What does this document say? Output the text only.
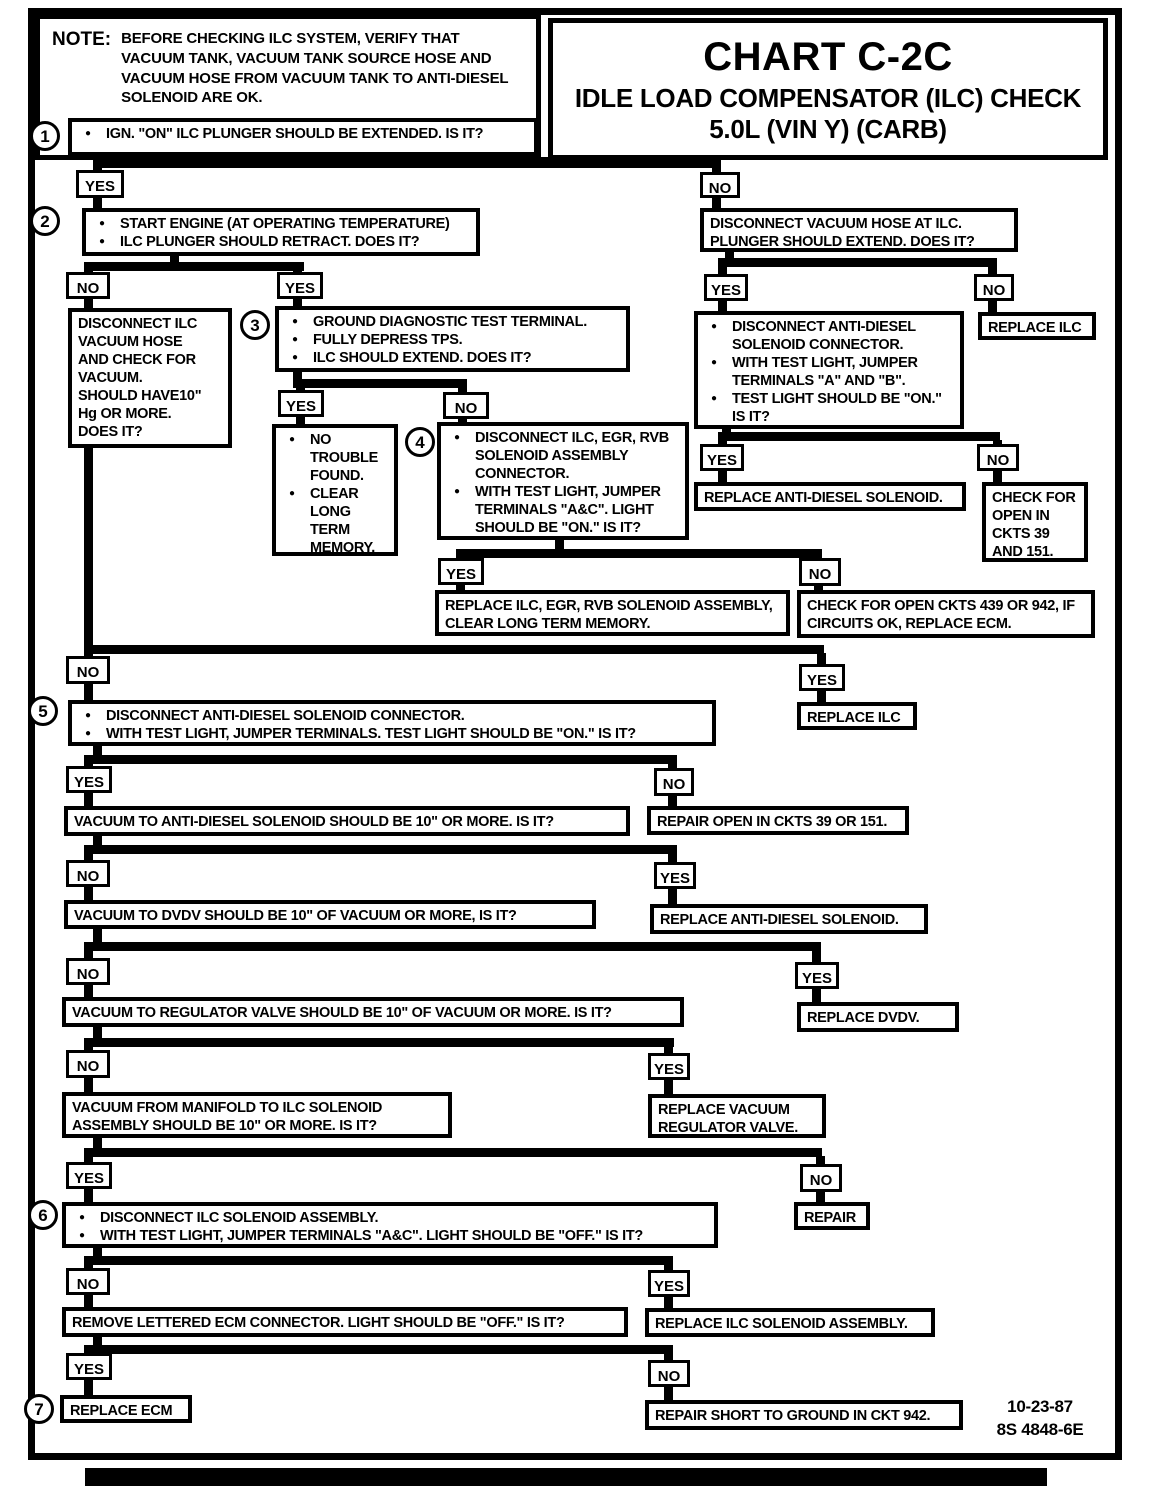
NOTE: BEFORE CHECKING ILC SYSTEM, VERIFY THAT VACUUM TANK, VACUUM TANK SOURCE HOSE AND VACUUM HOSE FROM VACUUM TANK TO ANTI-DIESEL SOLENOID ARE OK.
CHART C-2C
IDLE LOAD COMPENSATOR (ILC) CHECK
5.0L (VIN Y) (CARB)
1
2
3
4
5
6
7
● IGN. "ON" ILC PLUNGER SHOULD BE EXTENDED. IS IT?
YES	NO
● START ENGINE (AT OPERATING TEMPERATURE)
● ILC PLUNGER SHOULD RETRACT. DOES IT?
DISCONNECT VACUUM HOSE AT ILC.
PLUNGER SHOULD EXTEND. DOES IT?
NO	YES	YES	NO
DISCONNECT ILC
VACUUM HOSE
AND CHECK FOR
VACUUM.
SHOULD HAVE10"
Hg OR MORE.
DOES IT?
● GROUND DIAGNOSTIC TEST TERMINAL.
● FULLY DEPRESS TPS.
● ILC SHOULD EXTEND. DOES IT?
● DISCONNECT ANTI-DIESEL SOLENOID CONNECTOR.
● WITH TEST LIGHT, JUMPER TERMINALS "A" AND "B".
● TEST LIGHT SHOULD BE "ON." IS IT?
REPLACE ILC
YES	NO
● NO TROUBLE FOUND.
● CLEAR LONG TERM MEMORY.
● DISCONNECT ILC, EGR, RVB SOLENOID ASSEMBLY CONNECTOR.
● WITH TEST LIGHT, JUMPER TERMINALS "A&C". LIGHT SHOULD BE "ON." IS IT?
YES	NO
REPLACE ANTI-DIESEL SOLENOID.	CHECK FOR
OPEN IN
CKTS 39
AND 151.
YES	NO
REPLACE ILC, EGR, RVB SOLENOID ASSEMBLY, CLEAR LONG TERM MEMORY.
CHECK FOR OPEN CKTS 439 OR 942, IF CIRCUITS OK, REPLACE ECM.
NO	YES
REPLACE ILC
● DISCONNECT ANTI-DIESEL SOLENOID CONNECTOR.
● WITH TEST LIGHT, JUMPER TERMINALS. TEST LIGHT SHOULD BE "ON." IS IT?
YES	NO
VACUUM TO ANTI-DIESEL SOLENOID SHOULD BE 10" OR MORE. IS IT?	REPAIR OPEN IN CKTS 39 OR 151.
NO	YES
VACUUM TO DVDV SHOULD BE 10" OF VACUUM OR MORE, IS IT?	REPLACE ANTI-DIESEL SOLENOID.
NO	YES
VACUUM TO REGULATOR VALVE SHOULD BE 10" OF VACUUM OR MORE. IS IT?	REPLACE DVDV.
NO	YES
VACUUM FROM MANIFOLD TO ILC SOLENOID ASSEMBLY SHOULD BE 10" OR MORE. IS IT?
REPLACE VACUUM REGULATOR VALVE.
YES	NO
● DISCONNECT ILC SOLENOID ASSEMBLY.
● WITH TEST LIGHT, JUMPER TERMINALS "A&C". LIGHT SHOULD BE "OFF." IS IT?
REPAIR
NO	YES
REMOVE LETTERED ECM CONNECTOR. LIGHT SHOULD BE "OFF." IS IT?	REPLACE ILC SOLENOID ASSEMBLY.
YES	NO
REPLACE ECM	REPAIR SHORT TO GROUND IN CKT 942.	10-23-87
8S 4848-6E
